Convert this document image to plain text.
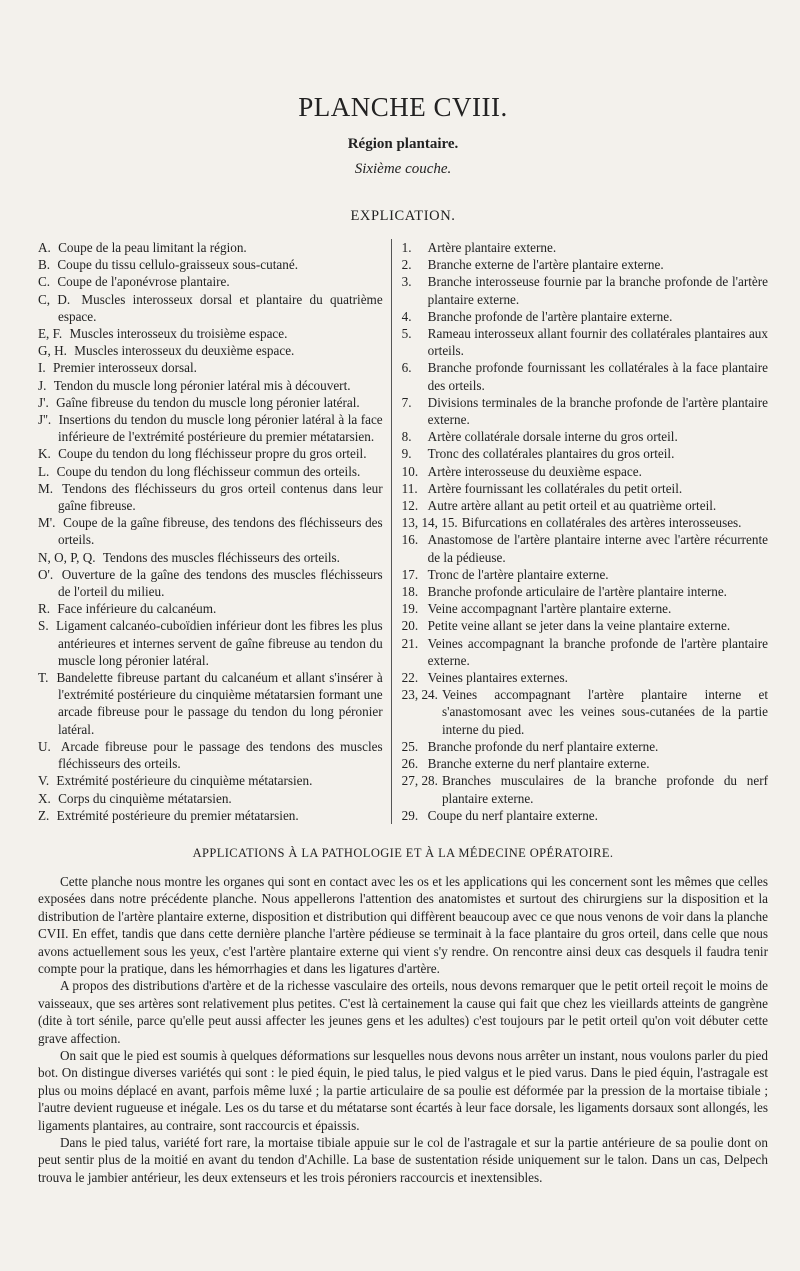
PLANCHE CVIII.
Région plantaire.
Sixième couche.
EXPLICATION.
A. Coupe de la peau limitant la région.
B. Coupe du tissu cellulo-graisseux sous-cutané.
C. Coupe de l'aponévrose plantaire.
C, D. Muscles interosseux dorsal et plantaire du quatrième espace.
E, F. Muscles interosseux du troisième espace.
G, H. Muscles interosseux du deuxième espace.
I. Premier interosseux dorsal.
J. Tendon du muscle long péronier latéral mis à découvert.
J'. Gaîne fibreuse du tendon du muscle long péronier latéral.
J''. Insertions du tendon du muscle long péronier latéral à la face inférieure de l'extrémité postérieure du premier métatarsien.
K. Coupe du tendon du long fléchisseur propre du gros orteil.
L. Coupe du tendon du long fléchisseur commun des orteils.
M. Tendons des fléchisseurs du gros orteil contenus dans leur gaîne fibreuse.
M'. Coupe de la gaîne fibreuse, des tendons des fléchisseurs des orteils.
N, O, P, Q. Tendons des muscles fléchisseurs des orteils.
O'. Ouverture de la gaîne des tendons des muscles fléchisseurs de l'orteil du milieu.
R. Face inférieure du calcanéum.
S. Ligament calcanéo-cuboïdien inférieur dont les fibres les plus antérieures et internes servent de gaîne fibreuse au tendon du muscle long péronier latéral.
T. Bandelette fibreuse partant du calcanéum et allant s'insérer à l'extrémité postérieure du cinquième métatarsien formant une arcade fibreuse pour le passage du tendon du long péronier latéral.
U. Arcade fibreuse pour le passage des tendons des muscles fléchisseurs des orteils.
V. Extrémité postérieure du cinquième métatarsien.
X. Corps du cinquième métatarsien.
Z. Extrémité postérieure du premier métatarsien.
1.	Artère plantaire externe.
2.	Branche externe de l'artère plantaire externe.
3.	Branche interosseuse fournie par la branche profonde de l'artère plantaire externe.
4.	Branche profonde de l'artère plantaire externe.
5.	Rameau interosseux allant fournir des collatérales plantaires aux orteils.
6.	Branche profonde fournissant les collatérales à la face plantaire des orteils.
7.	Divisions terminales de la branche profonde de l'artère plantaire externe.
8.	Artère collatérale dorsale interne du gros orteil.
9.	Tronc des collatérales plantaires du gros orteil.
10. Artère interosseuse du deuxième espace.
11. Artère fournissant les collatérales du petit orteil.
12. Autre artère allant au petit orteil et au quatrième orteil.
13, 14, 15. Bifurcations en collatérales des artères interosseuses.
16. Anastomose de l'artère plantaire interne avec l'artère récurrente de la pédieuse.
17. Tronc de l'artère plantaire externe.
18. Branche profonde articulaire de l'artère plantaire interne.
19. Veine accompagnant l'artère plantaire externe.
20. Petite veine allant se jeter dans la veine plantaire externe.
21. Veines accompagnant la branche profonde de l'artère plantaire externe.
22. Veines plantaires externes.
23, 24. Veines accompagnant l'artère plantaire interne et s'anastomosant avec les veines sous-cutanées de la partie interne du pied.
25. Branche profonde du nerf plantaire externe.
26. Branche externe du nerf plantaire externe.
27, 28. Branches musculaires de la branche profonde du nerf plantaire externe.
29. Coupe du nerf plantaire externe.
APPLICATIONS À LA PATHOLOGIE ET À LA MÉDECINE OPÉRATOIRE.

Cette planche nous montre les organes qui sont en contact avec les os et les applications qui les concernent sont les mêmes que celles exposées dans notre précédente planche. Nous appellerons l'attention des anatomistes et surtout des chirurgiens sur la disposition et la distribution de l'artère plantaire externe, disposition et distribution qui diffèrent beaucoup avec ce que nous venons de voir dans la planche CVII. En effet, tandis que dans cette dernière planche l'artère pédieuse se terminait à la face plantaire du gros orteil, dans celle que nous avons actuellement sous les yeux, c'est l'artère plantaire externe qui vient s'y rendre. On rencontre ainsi deux cas desquels il faudra tenir compte pour la pratique, dans les hémorrhagies et dans les ligatures d'artère.

A propos des distributions d'artère et de la richesse vasculaire des orteils, nous devons remarquer que le petit orteil reçoit le moins de vaisseaux, que ses artères sont relativement plus petites. C'est là certainement la cause qui fait que chez les vieillards atteints de gangrène (dite à tort sénile, parce qu'elle peut aussi affecter les jeunes gens et les adultes) c'est toujours par le petit orteil qu'on voit débuter cette grave affection.

On sait que le pied est soumis à quelques déformations sur lesquelles nous devons nous arrêter un instant, nous voulons parler du pied bot. On distingue diverses variétés qui sont : le pied équin, le pied talus, le pied valgus et le pied varus. Dans le pied équin, l'astragale est plus ou moins déplacé en avant, parfois même luxé ; la partie articulaire de sa poulie est déformée par la pression de la mortaise tibiale ; l'autre devient rugueuse et inégale. Les os du tarse et du métatarse sont écartés à leur face dorsale, les ligaments dorsaux sont allongés, les ligaments plantaires, au contraire, sont raccourcis et épaissis.

Dans le pied talus, variété fort rare, la mortaise tibiale appuie sur le col de l'astragale et sur la partie antérieure de sa poulie dont on peut sentir plus de la moitié en avant du tendon d'Achille. La base de sustentation réside uniquement sur le talon. Dans un cas, Delpech trouva le jambier antérieur, les deux extenseurs et les trois péroniers raccourcis et inextensibles.
